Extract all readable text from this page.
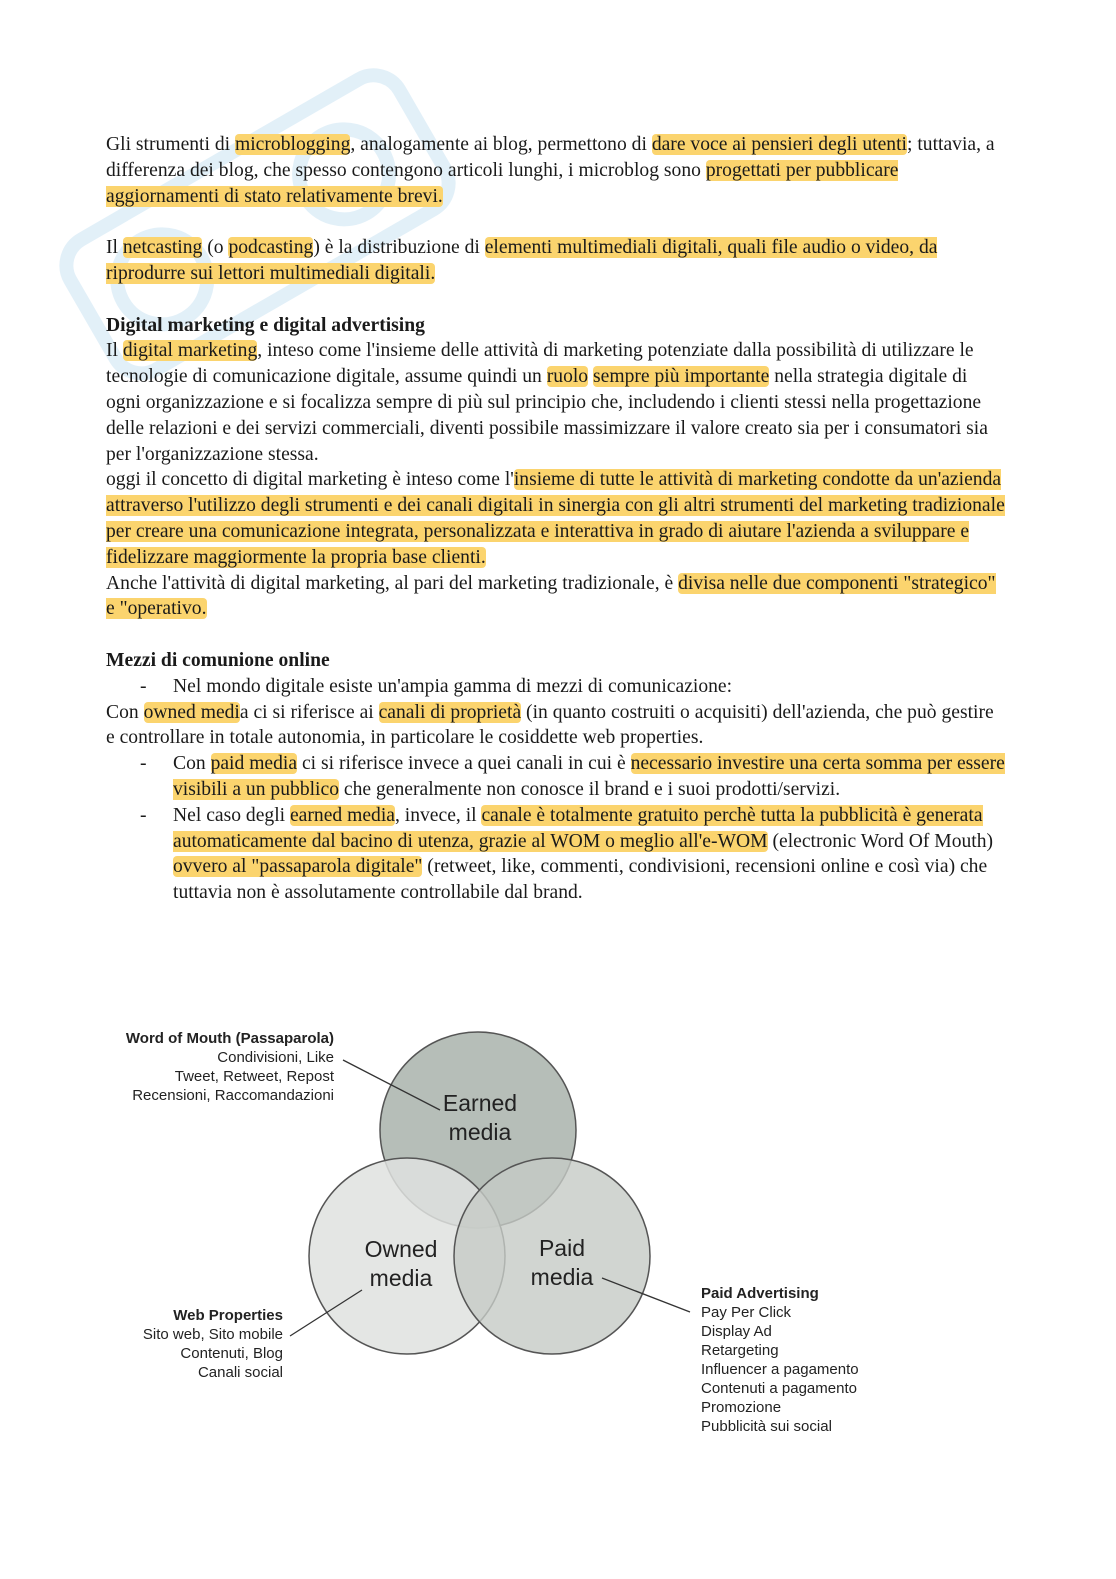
Gli strumenti di microblogging, analogamente ai blog, permettono di dare voce ai pensieri degli utenti; tuttavia, a differenza dei blog, che spesso contengono articoli lunghi, i microblog sono progettati per pubblicare aggiornamenti di stato relativamente brevi.

Il netcasting (o podcasting) è la distribuzione di elementi multimediali digitali, quali file audio o video, da riprodurre sui lettori multimediali digitali.

Digital marketing e digital advertising

Il digital marketing, inteso come l'insieme delle attività di marketing potenziate dalla possibilità di utilizzare le tecnologie di comunicazione digitale, assume quindi un ruolo sempre più importante nella strategia digitale di ogni organizzazione e si focalizza sempre di più sul principio che, includendo i clienti stessi nella progettazione delle relazioni e dei servizi commerciali, diventi possibile massimizzare il valore creato sia per i consumatori sia per l'organizzazione stessa.

oggi il concetto di digital marketing è inteso come l'insieme di tutte le attività di marketing condotte da un'azienda attraverso l'utilizzo degli strumenti e dei canali digitali in sinergia con gli altri strumenti del marketing tradizionale per creare una comunicazione integrata, personalizzata e interattiva in grado di aiutare l'azienda a sviluppare e fidelizzare maggiormente la propria base clienti.

Anche l'attività di digital marketing, al pari del marketing tradizionale, è divisa nelle due componenti "strategico" e "operativo.

Mezzi di comunione online
- Nel mondo digitale esiste un'ampia gamma di mezzi di comunicazione:

Con owned media ci si riferisce ai canali di proprietà (in quanto costruiti o acquisiti) dell'azienda, che può gestire e controllare in totale autonomia, in particolare le cosiddette web properties.

- Con paid media ci si riferisce invece a quei canali in cui è necessario investire una certa somma per essere visibili a un pubblico che generalmente non conosce il brand e i suoi prodotti/servizi.
- Nel caso degli earned media, invece, il canale è totalmente gratuito perchè tutta la pubblicità è generata automaticamente dal bacino di utenza, grazie al WOM o meglio all'e-WOM (electronic Word Of Mouth) ovvero al "passaparola digitale" (retweet, like, commenti, condivisioni, recensioni online e così via) che tuttavia non è assolutamente controllabile dal brand.
Earned
media
Owned
media
Paid
media
Word of Mouth (Passaparola)
Condivisioni, Like
Tweet, Retweet, Repost
Recensioni, Raccomandazioni
Web Properties
Sito web, Sito mobile
Contenuti, Blog
Canali social
Paid Advertising
Pay Per Click
Display Ad
Retargeting
Influencer a pagamento
Contenuti a pagamento
Promozione
Pubblicità sui social
